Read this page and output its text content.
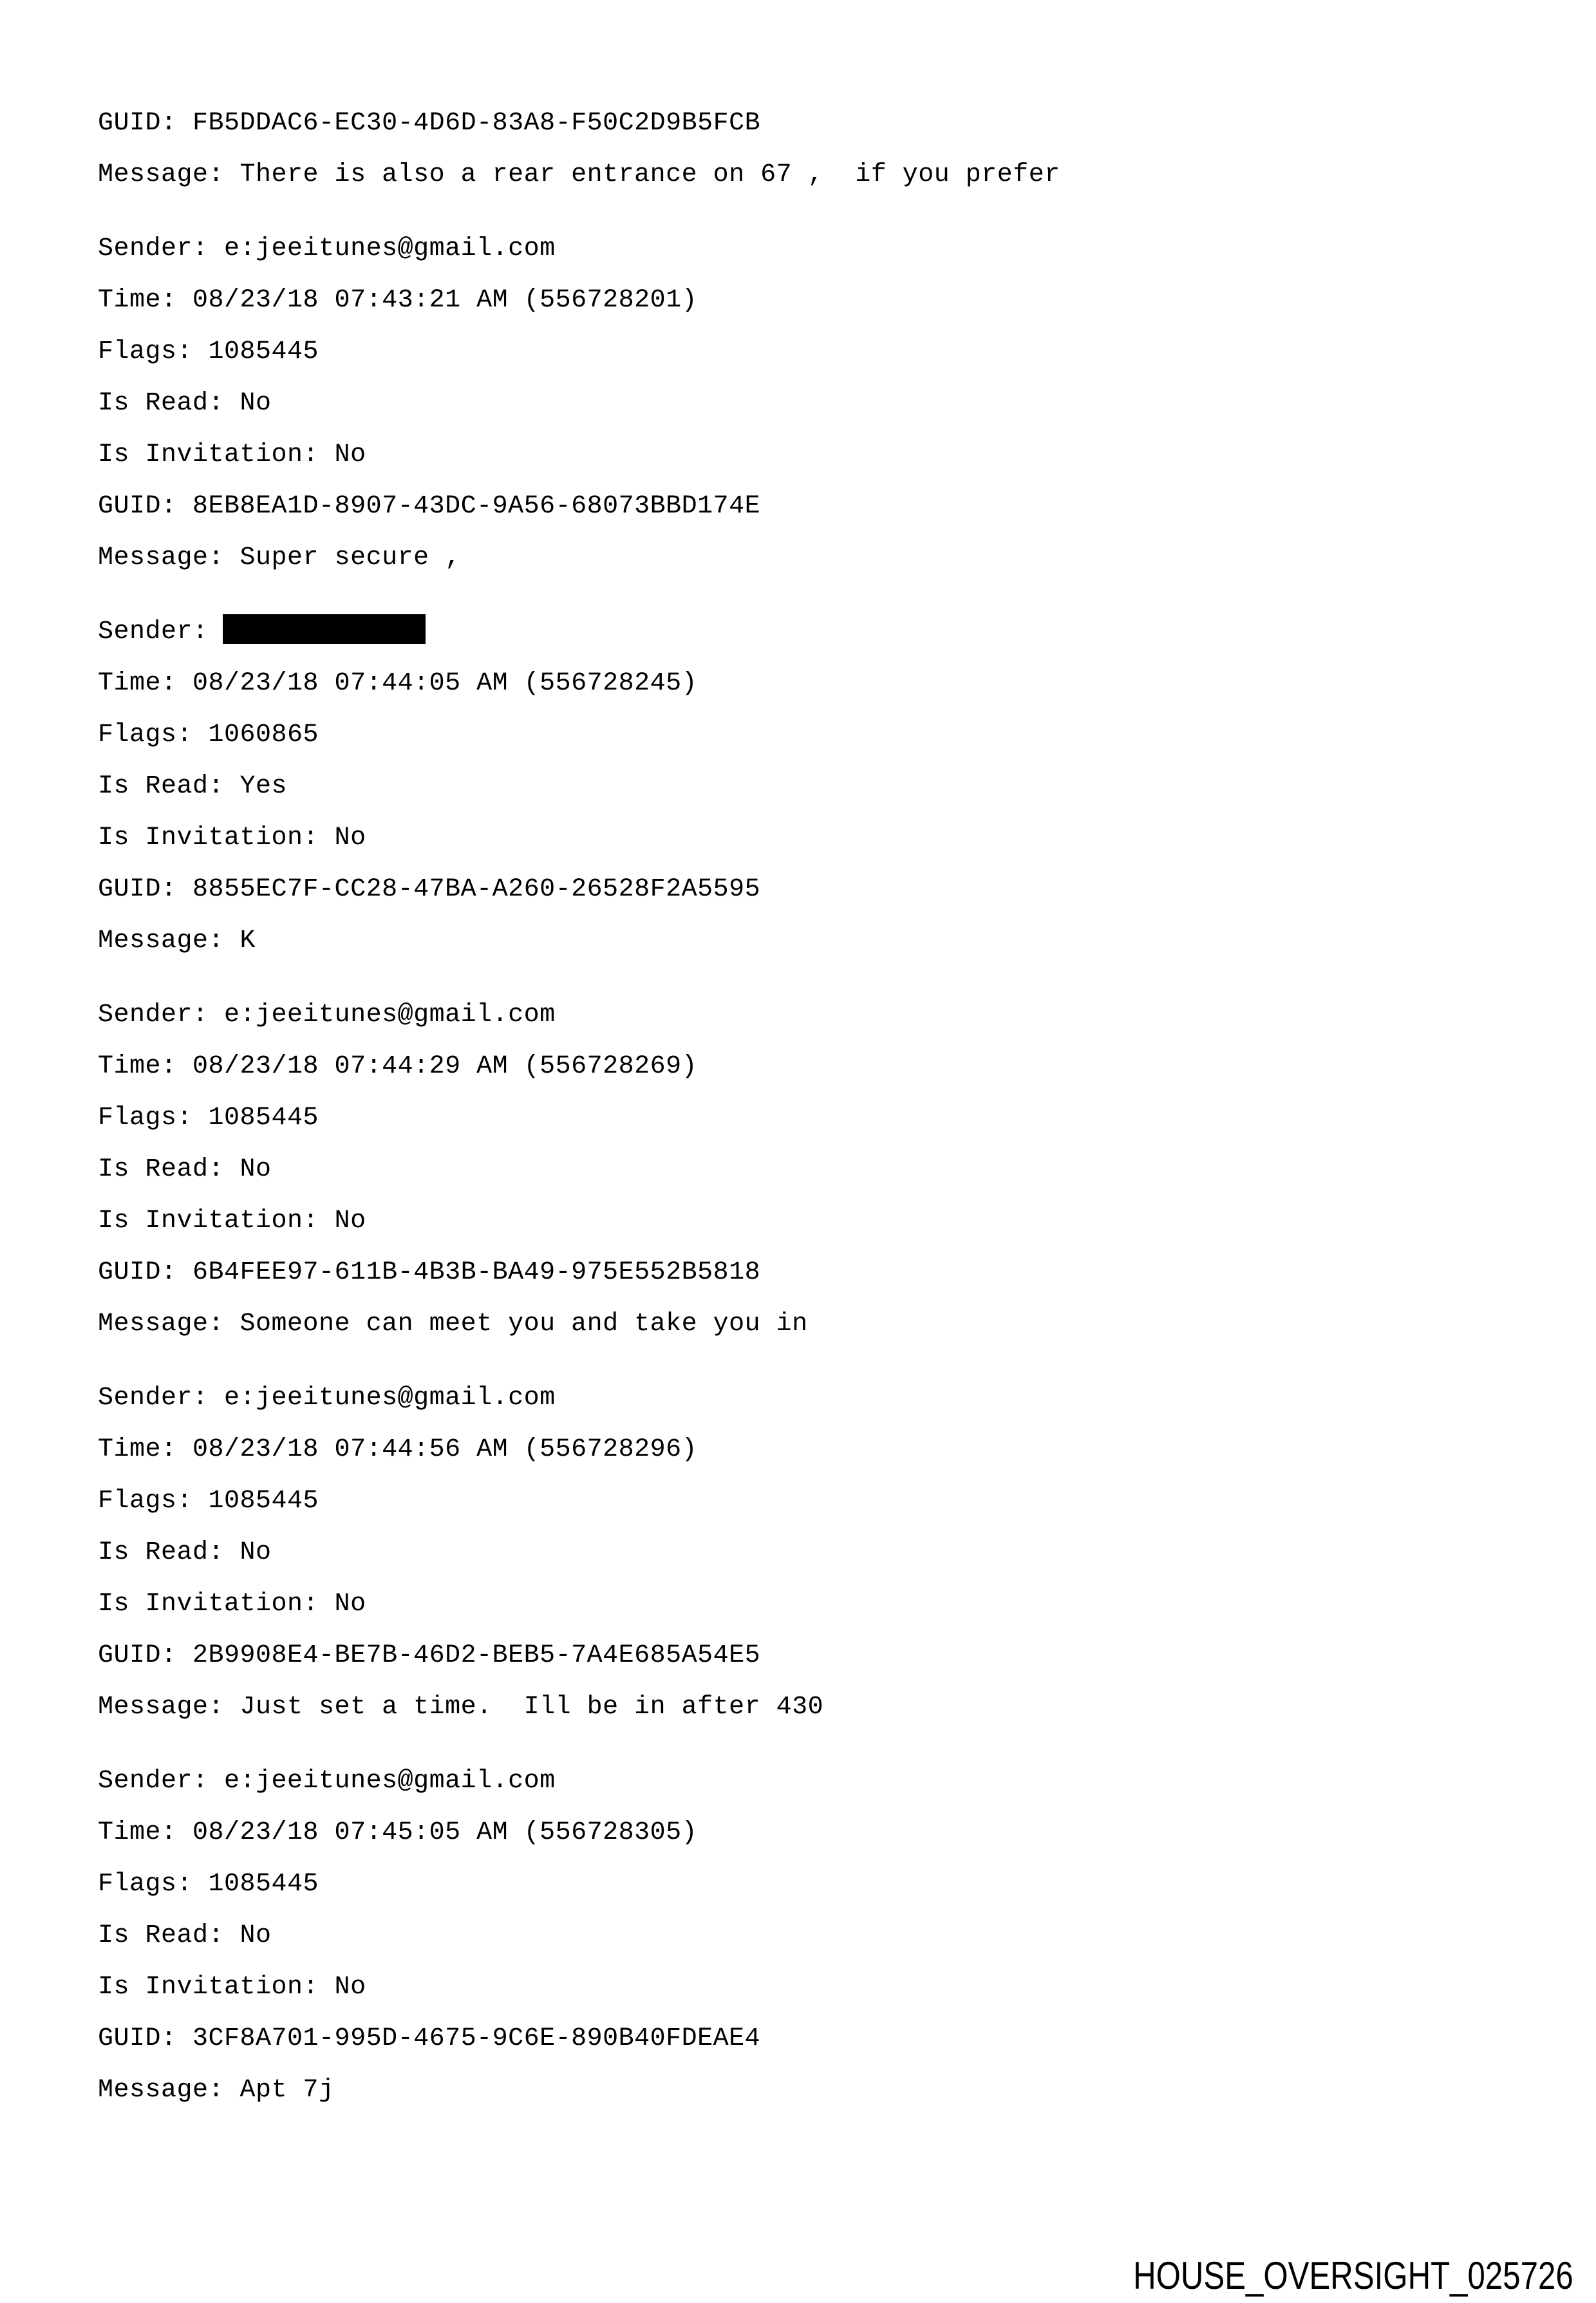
GUID: FB5DDAC6-EC30-4D6D-83A8-F50C2D9B5FCB
Message: There is also a rear entrance on 67 ,  if you prefer
Sender: e:jeeitunes@gmail.com
Time: 08/23/18 07:43:21 AM (556728201)
Flags: 1085445
Is Read: No
Is Invitation: No
GUID: 8EB8EA1D-8907-43DC-9A56-68073BBD174E
Message: Super secure ,
Sender:
Time: 08/23/18 07:44:05 AM (556728245)
Flags: 1060865
Is Read: Yes
Is Invitation: No
GUID: 8855EC7F-CC28-47BA-A260-26528F2A5595
Message: K
Sender: e:jeeitunes@gmail.com
Time: 08/23/18 07:44:29 AM (556728269)
Flags: 1085445
Is Read: No
Is Invitation: No
GUID: 6B4FEE97-611B-4B3B-BA49-975E552B5818
Message: Someone can meet you and take you in
Sender: e:jeeitunes@gmail.com
Time: 08/23/18 07:44:56 AM (556728296)
Flags: 1085445
Is Read: No
Is Invitation: No
GUID: 2B9908E4-BE7B-46D2-BEB5-7A4E685A54E5
Message: Just set a time.  Ill be in after 430
Sender: e:jeeitunes@gmail.com
Time: 08/23/18 07:45:05 AM (556728305)
Flags: 1085445
Is Read: No
Is Invitation: No
GUID: 3CF8A701-995D-4675-9C6E-890B40FDEAE4
Message: Apt 7j
HOUSE_OVERSIGHT_025726
